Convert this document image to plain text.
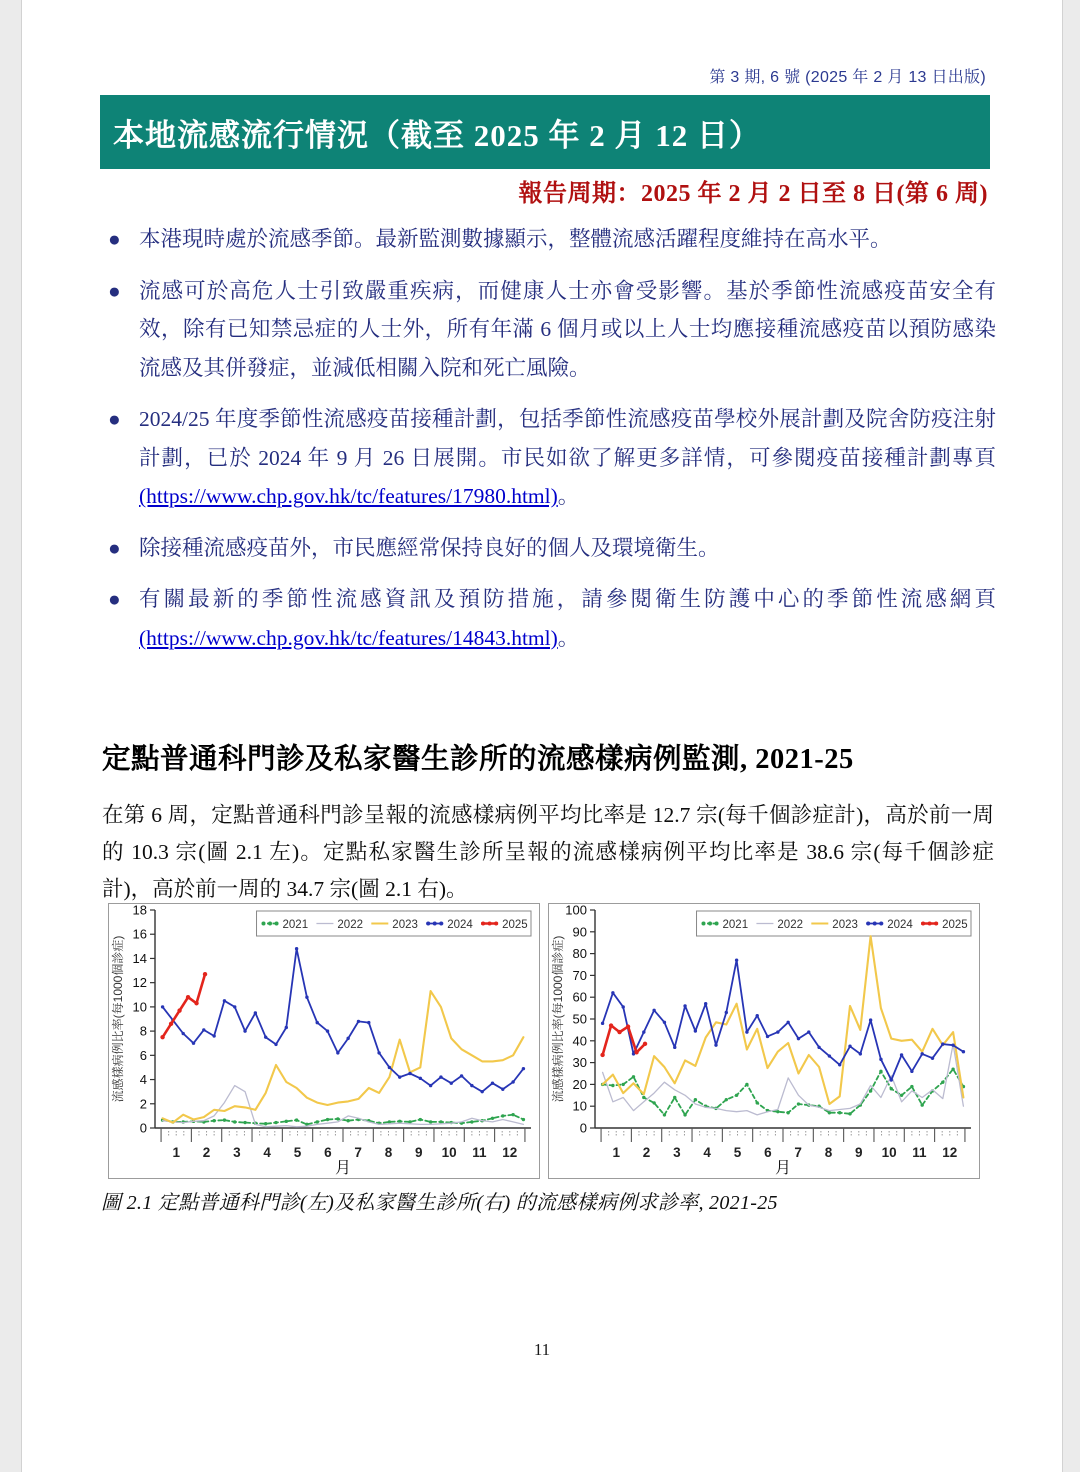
第 3 期, 6 號 (2025 年 2 月 13 日出版)
本地流感流行情況（截至 2025 年 2 月 12 日）
報告周期：2025 年 2 月 2 日至 8 日(第 6 周)
● 本港現時處於流感季節。最新監測數據顯示，整體流感活躍程度維持在高水平。
● 流感可於高危人士引致嚴重疾病，而健康人士亦會受影響。基於季節性流感疫苗安全有效，除有已知禁忌症的人士外，所有年滿 6 個月或以上人士均應接種流感疫苗以預防感染流感及其併發症，並減低相關入院和死亡風險。
● 2024/25 年度季節性流感疫苗接種計劃，包括季節性流感疫苗學校外展計劃及院舍防疫注射計劃，已於 2024 年 9 月 26 日展開。市民如欲了解更多詳情，可參閱疫苗接種計劃專頁(https://www.chp.gov.hk/tc/features/17980.html)。
● 除接種流感疫苗外，市民應經常保持良好的個人及環境衛生。
● 有關最新的季節性流感資訊及預防措施，請參閱衛生防護中心的季節性流感網頁(https://www.chp.gov.hk/tc/features/14843.html)。
定點普通科門診及私家醫生診所的流感樣病例監測, 2021-25
在第 6 周，定點普通科門診呈報的流感樣病例平均比率是 12.7 宗(每千個診症計)，高於前一周的 10.3 宗(圖 2.1 左)。定點私家醫生診所呈報的流感樣病例平均比率是 38.6 宗(每千個診症計)，高於前一周的 34.7 宗(圖 2.1 右)。
0
2
4
6
8
10
12
14
16
18
1 2 3 4 5 6 7 8 9 10 11 12
月
流感樣病例比率(每1000個診症)
2021	2022	2023	2024	2025
0
10
20
30
40
50
60
70
80
90
100
1 2 3 4 5 6 7 8 9 10 11 12
月
流感樣病例比率(每1000個診症)
2021	2022	2023	2024	2025
圖 2.1 定點普通科門診(左)及私家醫生診所(右) 的流感樣病例求診率, 2021-25
11
